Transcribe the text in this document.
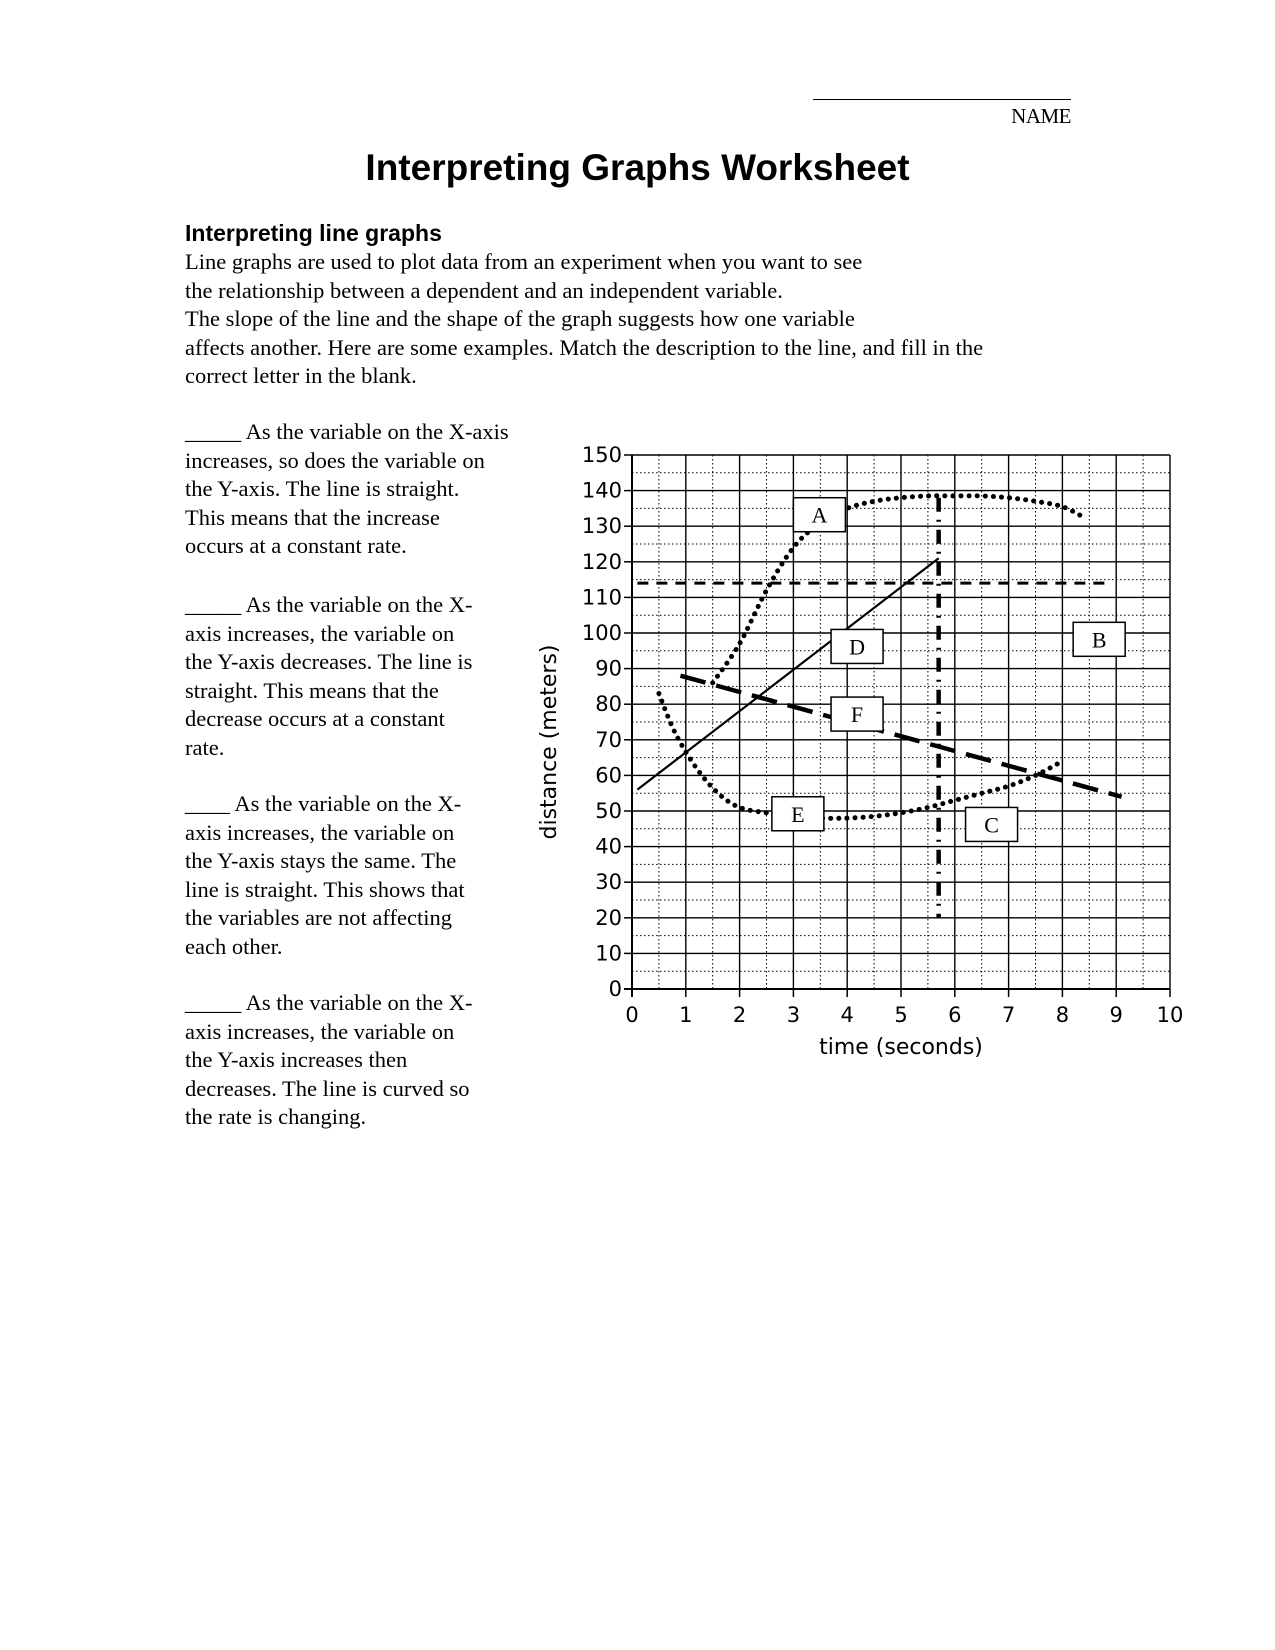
NAME
Interpreting Graphs Worksheet
Interpreting line graphs

Line graphs are used to plot data from an experiment when you want to see
the relationship between a dependent and an independent variable.
The slope of the line and the shape of the graph suggests how one variable
affects another. Here are some examples. Match the description to the line, and fill in the
correct letter in the blank.

_____ As the variable on the X-axis
increases, so does the variable on
the Y-axis. The line is straight.
This means that the increase
occurs at a constant rate.

_____ As the variable on the X-
axis increases, the variable on
the Y-axis decreases. The line is
straight. This means that the
decrease occurs at a constant
rate.

____ As the variable on the X-
axis increases, the variable on
the Y-axis stays the same. The
line is straight. This shows that
the variables are not affecting
each other.

_____ As the variable on the X-
axis increases, the variable on
the Y-axis increases then
decreases. The line is curved so
the rate is changing.

0
10
20
30
40
50
60
70
80
90
100
110
120
130
140
150
0 1 2 3 4 5 6 7 8 9 10
A
B
C
D
E
F
time (seconds)
distance (meters)
